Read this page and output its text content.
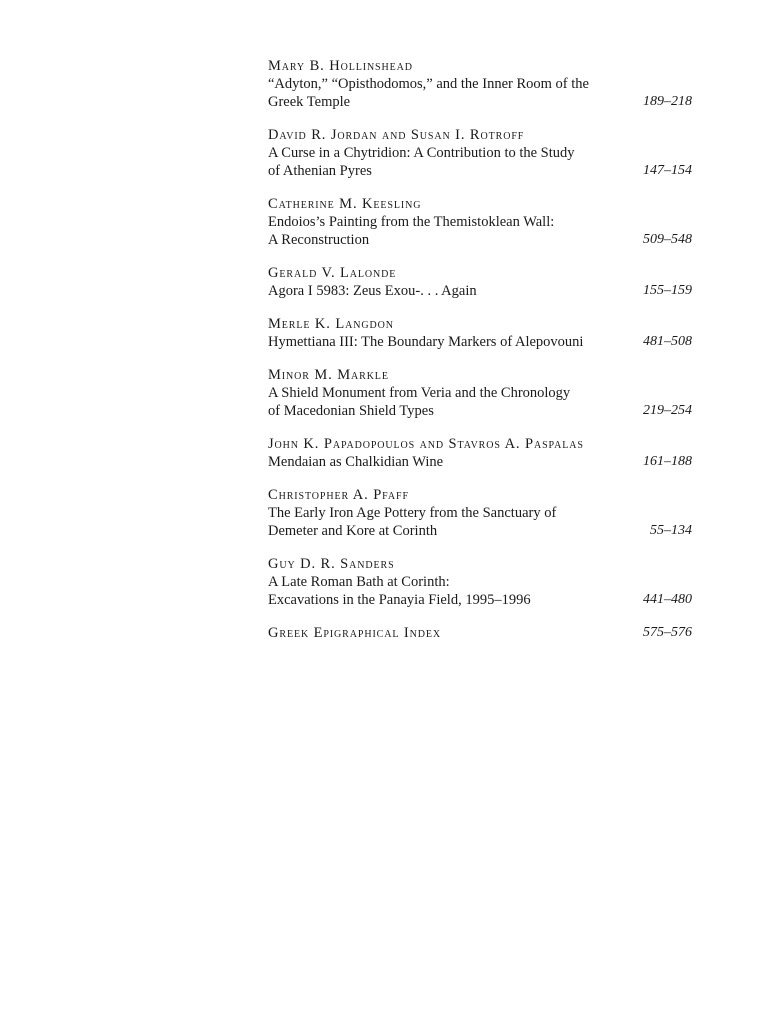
Mary B. Hollinshead
“Adyton,” “Opisthodomos,” and the Inner Room of the
Greek Temple	189–218
David R. Jordan and Susan I. Rotroff
A Curse in a Chytridion: A Contribution to the Study
of Athenian Pyres	147–154
Catherine M. Keesling
Endoios’s Painting from the Themistoklean Wall:
A Reconstruction	509–548
Gerald V. Lalonde
Agora I 5983: Zeus Exou-. . . Again	155–159
Merle K. Langdon
Hymettiana III: The Boundary Markers of Alepovouni	481–508
Minor M. Markle
A Shield Monument from Veria and the Chronology
of Macedonian Shield Types	219–254
John K. Papadopoulos and Stavros A. Paspalas
Mendaian as Chalkidian Wine	161–188
Christopher A. Pfaff
The Early Iron Age Pottery from the Sanctuary of
Demeter and Kore at Corinth	55–134
Guy D. R. Sanders
A Late Roman Bath at Corinth:
Excavations in the Panayia Field, 1995–1996	441–480
Greek Epigraphical Index	575–576
